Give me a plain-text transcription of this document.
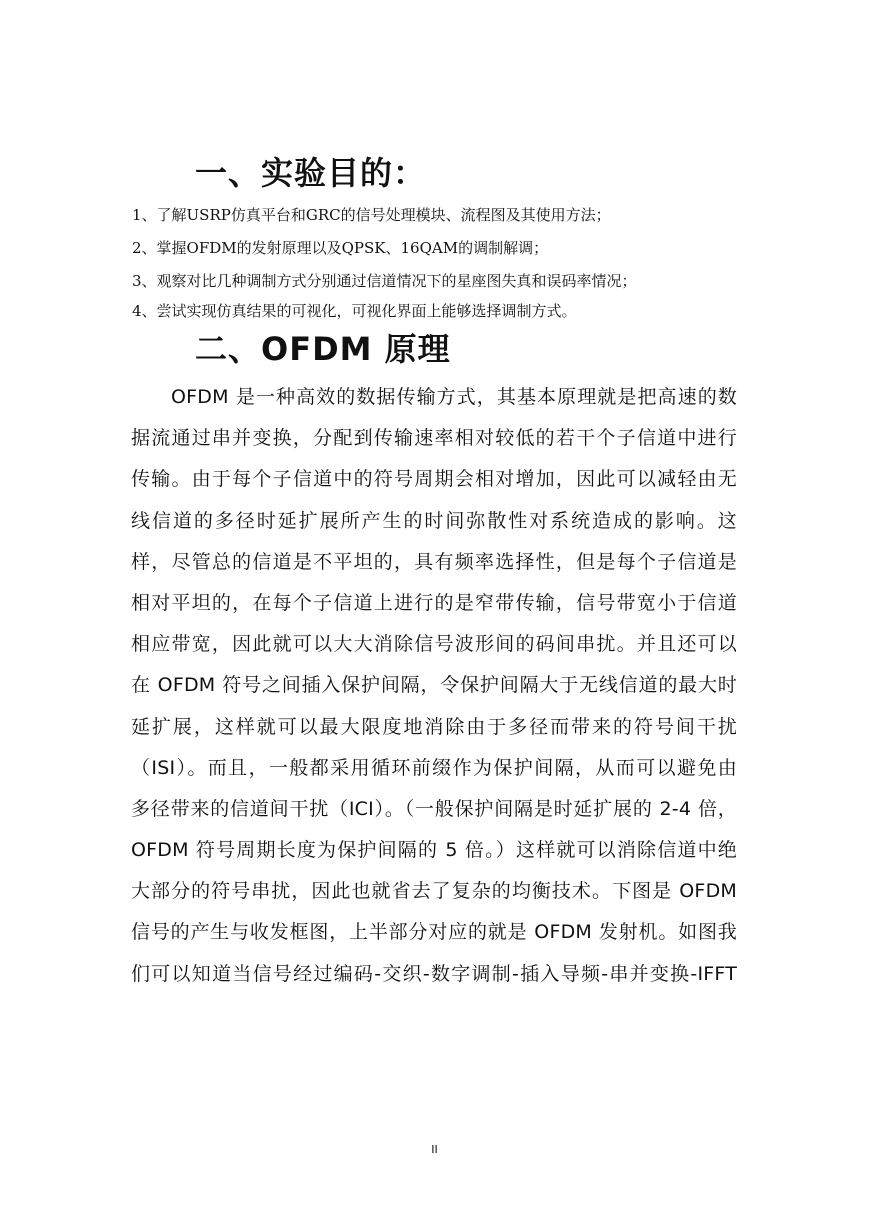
一、实验目的：
1、了解USRP仿真平台和GRC的信号处理模块、流程图及其使用方法；
2、掌握OFDM的发射原理以及QPSK、16QAM的调制解调；
3、观察对比几种调制方式分别通过信道情况下的星座图失真和误码率情况；
4、尝试实现仿真结果的可视化，可视化界面上能够选择调制方式。
二、OFDM 原理
OFDM 是一种高效的数据传输方式，其基本原理就是把高速的数
据流通过串并变换，分配到传输速率相对较低的若干个子信道中进行
传输。由于每个子信道中的符号周期会相对增加，因此可以减轻由无
线信道的多径时延扩展所产生的时间弥散性对系统造成的影响。这
样，尽管总的信道是不平坦的，具有频率选择性，但是每个子信道是
相对平坦的，在每个子信道上进行的是窄带传输，信号带宽小于信道
相应带宽，因此就可以大大消除信号波形间的码间串扰。并且还可以
在 OFDM 符号之间插入保护间隔，令保护间隔大于无线信道的最大时
延扩展，这样就可以最大限度地消除由于多径而带来的符号间干扰
（ISI）。而且，一般都采用循环前缀作为保护间隔，从而可以避免由
多径带来的信道间干扰（ICI）。（一般保护间隔是时延扩展的 2-4 倍，
OFDM 符号周期长度为保护间隔的 5 倍。）这样就可以消除信道中绝
大部分的符号串扰，因此也就省去了复杂的均衡技术。下图是 OFDM
信号的产生与收发框图，上半部分对应的就是 OFDM 发射机。如图我
们可以知道当信号经过编码-交织-数字调制-插入导频-串并变换-IFFT
II
